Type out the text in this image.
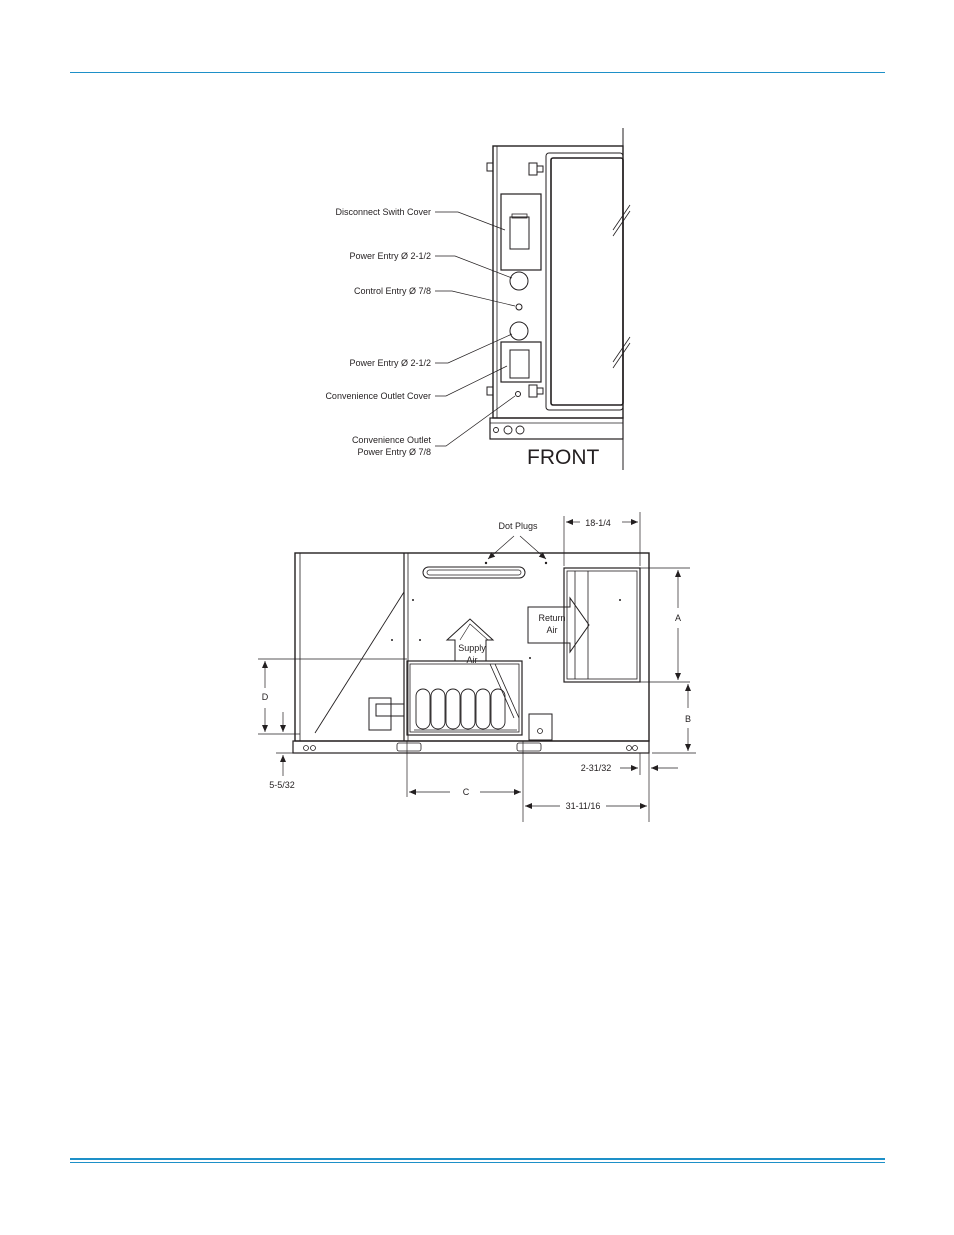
Disconnect Swith Cover
Power Entry Ø 2-1/2
Control Entry Ø 7/8
Power Entry Ø 2-1/2
Convenience Outlet Cover
Convenience Outlet
Power Entry Ø 7/8	FRONT
Supply
Air
Return
Air
Dot Plugs	18-1/4
A
B
D
5-5/32
C
2-31/32
31-11/16
